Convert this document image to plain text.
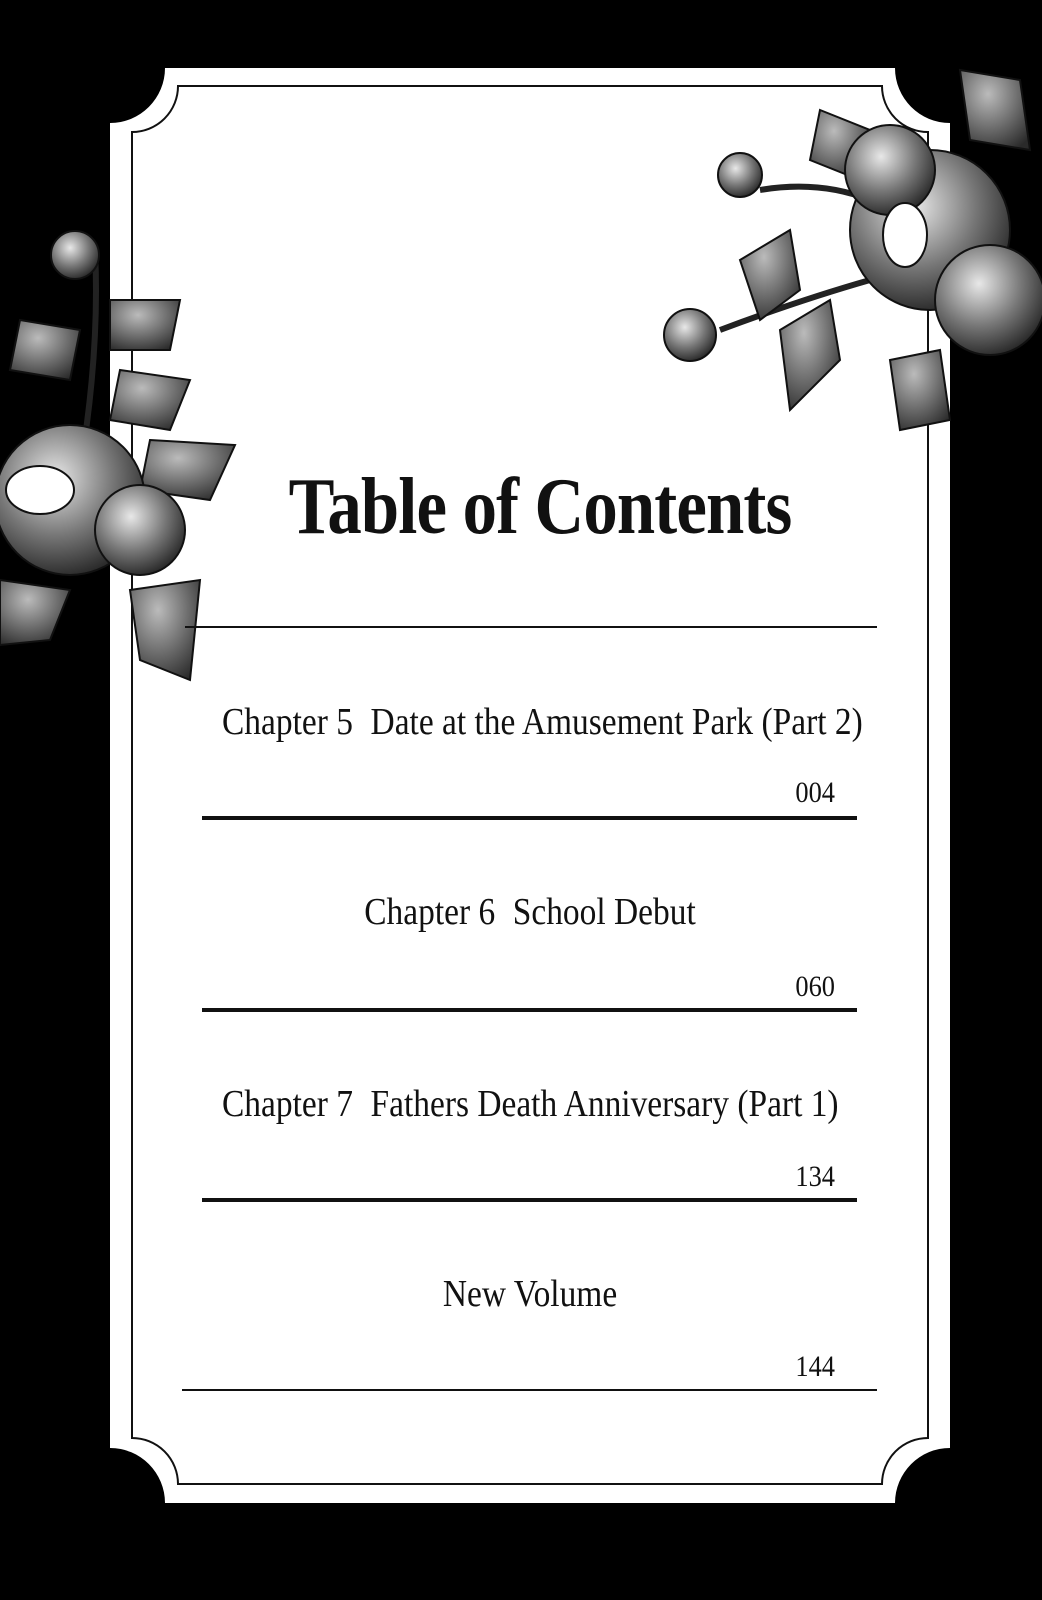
Table of Contents
Chapter 5 Date at the Amusement Park (Part 2)
004
Chapter 6 School Debut
060
Chapter 7 Fathers Death Anniversary (Part 1)
134
New Volume
144
